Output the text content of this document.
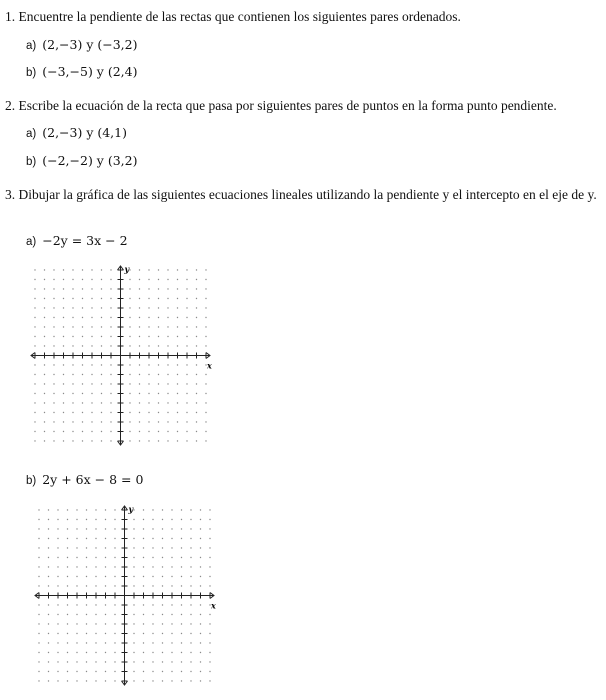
1. Encuentre la pendiente de las rectas que contienen los siguientes pares ordenados.
a) (2,−3) y (−3,2)
b) (−3,−5) y (2,4)
2. Escribe la ecuación de la recta que pasa por siguientes pares de puntos en la forma punto pendiente.
a) (2,−3) y (4,1)
b) (−2,−2) y (3,2)
3. Dibujar la gráfica de las siguientes ecuaciones lineales utilizando la pendiente y el intercepto en el eje de y.
a) −2y = 3x − 2
x
y
b) 2y + 6x − 8 = 0
x
y
